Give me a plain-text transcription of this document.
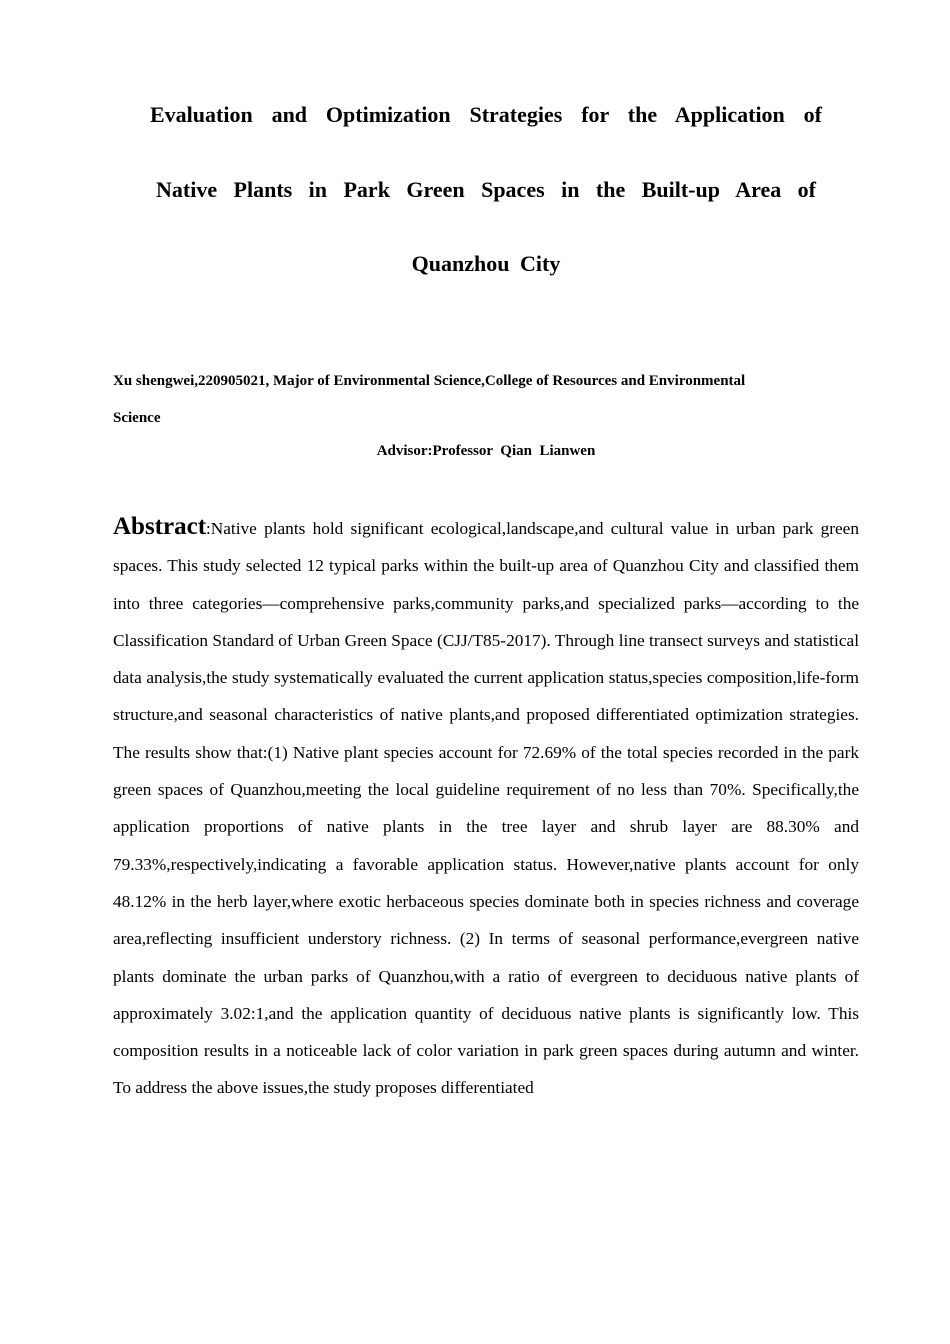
Evaluation and Optimization Strategies for the Application of
Native Plants in Park Green Spaces in the Built-up Area of
Quanzhou City
Xu shengwei,220905021, Major of Environmental Science,College of Resources and Environmental
Science
Advisor:Professor  Qian  Lianwen
Abstract:Native plants hold significant ecological,landscape,and cultural value in urban park green spaces. This study selected 12 typical parks within the built-up area of Quanzhou City and classified them into three categories—comprehensive parks,community parks,and specialized parks—according to the Classification Standard of Urban Green Space (CJJ/T85-2017). Through line transect surveys and statistical data analysis,the study systematically evaluated the current application status,species composition,life-form structure,and seasonal characteristics of native plants,and proposed differentiated optimization strategies. The results show that:(1) Native plant species account for 72.69% of the total species recorded in the park green spaces of Quanzhou,meeting the local guideline requirement of no less than 70%. Specifically,the application proportions of native plants in the tree layer and shrub layer are 88.30% and 79.33%,respectively,indicating a favorable application status. However,native plants account for only 48.12% in the herb layer,where exotic herbaceous species dominate both in species richness and coverage area,reflecting insufficient understory richness. (2) In terms of seasonal performance,evergreen native plants dominate the urban parks of Quanzhou,with a ratio of evergreen to deciduous native plants of approximately 3.02:1,and the application quantity of deciduous native plants is significantly low. This composition results in a noticeable lack of color variation in park green spaces during autumn and winter. To address the above issues,the study proposes differentiated
